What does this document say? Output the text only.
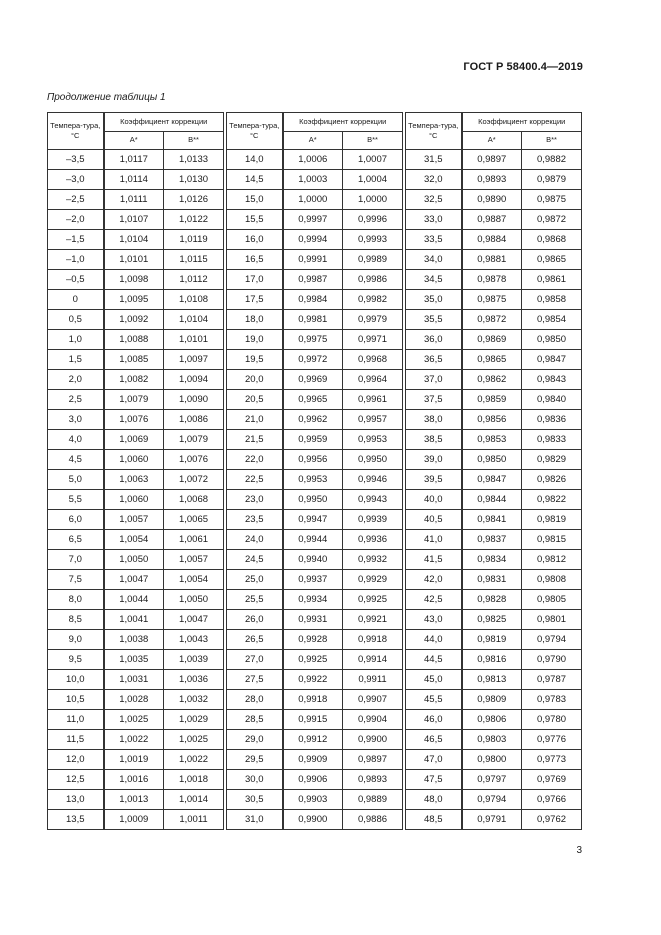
ГОСТ Р 58400.4—2019
Продолжение таблицы 1
Темпера-тура, °С	Коэффициент коррекции	
	A*	B**
–3,5	1,0117	1,0133
–3,0	1,0114	1,0130
–2,5	1,0111	1,0126
–2,0	1,0107	1,0122
–1,5	1,0104	1,0119
–1,0	1,0101	1,0115
–0,5	1,0098	1,0112
0	1,0095	1,0108
0,5	1,0092	1,0104
1,0	1,0088	1,0101
1,5	1,0085	1,0097
2,0	1,0082	1,0094
2,5	1,0079	1,0090
3,0	1,0076	1,0086
4,0	1,0069	1,0079
4,5	1,0060	1,0076
5,0	1,0063	1,0072
5,5	1,0060	1,0068
6,0	1,0057	1,0065
6,5	1,0054	1,0061
7,0	1,0050	1,0057
7,5	1,0047	1,0054
8,0	1,0044	1,0050
8,5	1,0041	1,0047
9,0	1,0038	1,0043
9,5	1,0035	1,0039
10,0	1,0031	1,0036
10,5	1,0028	1,0032
11,0	1,0025	1,0029
11,5	1,0022	1,0025
12,0	1,0019	1,0022
12,5	1,0016	1,0018
13,0	1,0013	1,0014
13,5	1,0009	1,0011
Темпера-тура, °С	Коэффициент коррекции	
	A*	B**
14,0	1,0006	1,0007
14,5	1,0003	1,0004
15,0	1,0000	1,0000
15,5	0,9997	0,9996
16,0	0,9994	0,9993
16,5	0,9991	0,9989
17,0	0,9987	0,9986
17,5	0,9984	0,9982
18,0	0,9981	0,9979
19,0	0,9975	0,9971
19,5	0,9972	0,9968
20,0	0,9969	0,9964
20,5	0,9965	0,9961
21,0	0,9962	0,9957
21,5	0,9959	0,9953
22,0	0,9956	0,9950
22,5	0,9953	0,9946
23,0	0,9950	0,9943
23,5	0,9947	0,9939
24,0	0,9944	0,9936
24,5	0,9940	0,9932
25,0	0,9937	0,9929
25,5	0,9934	0,9925
26,0	0,9931	0,9921
26,5	0,9928	0,9918
27,0	0,9925	0,9914
27,5	0,9922	0,9911
28,0	0,9918	0,9907
28,5	0,9915	0,9904
29,0	0,9912	0,9900
29,5	0,9909	0,9897
30,0	0,9906	0,9893
30,5	0,9903	0,9889
31,0	0,9900	0,9886
Темпера-тура, °С	Коэффициент коррекции	
	A*	B**
31,5	0,9897	0,9882
32,0	0,9893	0,9879
32,5	0,9890	0,9875
33,0	0,9887	0,9872
33,5	0,9884	0,9868
34,0	0,9881	0,9865
34,5	0,9878	0,9861
35,0	0,9875	0,9858
35,5	0,9872	0,9854
36,0	0,9869	0,9850
36,5	0,9865	0,9847
37,0	0,9862	0,9843
37,5	0,9859	0,9840
38,0	0,9856	0,9836
38,5	0,9853	0,9833
39,0	0,9850	0,9829
39,5	0,9847	0,9826
40,0	0,9844	0,9822
40,5	0,9841	0,9819
41,0	0,9837	0,9815
41,5	0,9834	0,9812
42,0	0,9831	0,9808
42,5	0,9828	0,9805
43,0	0,9825	0,9801
44,0	0,9819	0,9794
44,5	0,9816	0,9790
45,0	0,9813	0,9787
45,5	0,9809	0,9783
46,0	0,9806	0,9780
46,5	0,9803	0,9776
47,0	0,9800	0,9773
47,5	0,9797	0,9769
48,0	0,9794	0,9766
48,5	0,9791	0,9762
3
